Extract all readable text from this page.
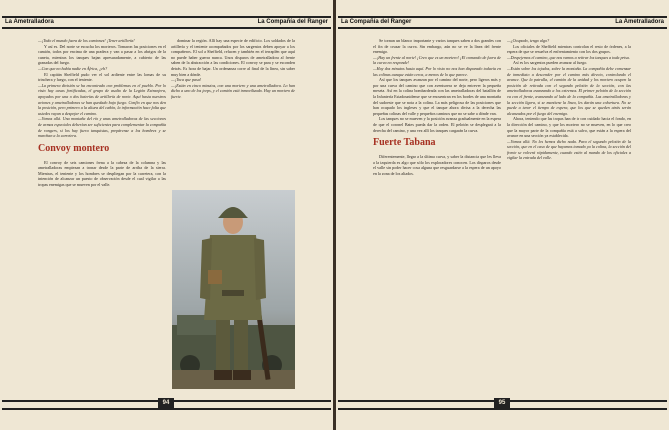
La Ametralladora	La Compañía del Ranger

—¡Todo el mundo fuera de los camiones! ¡Tener artillería!

Y así es. Del norte se escucha los morteros. Tomaron las posiciones en el camión, todos por encima de una pradera y van a pasar a los abrigos de la cuneta, mientras los tanques bajan apresuradamente, a cubierto de las granadas del fuego.

—Con que no había nadie en África, ¿eh?

El capitán Sheffield pudo ver el sol ardiente entre las lomas de su trinchera y luego, con el teniente.

—La primera división se ha encontrado con problemas en el pueblo. Por lo visto hay casas fortificadas, el grupo de asalto de la Legión Extranjera, apoyados por una o dos baterías de artillería de norte. Aquí hasta nuestros aviones y ametralladoras se han quedado bajo fuego. Confío en que nos den la posición, pero primero a la altura del cañón, la información hace falta que ustedes vayan a despejar el camino.

—Vamos allá. Una montaña del río y unas ametralladoras de las secciones de armas especiales deberían ser suficientes para complementar la compañía de rangers, si los hay fuera tanquistas, prepárense a los hombres y se marchan a la carretera.

Convoy montero

El convoy de seis camiones frena a la cabeza de la columna y las ametralladoras empiezan a tronar desde la parte de arriba de la sierra. Mientras, el teniente y los hombres se despliegan por la carretera, con la intención de alcanzar un puesto de observación desde el cual vigilar a las tropas enemigas que se mueven por el valle.

dominar la región. Allí hay una especie de edificio. Los soldados de la artillería y el teniente acompañados por los sargentos deben apoyar a los compañeros. El sol a Sheffield, relucen y también en el terraplén que aquí no puede haber guerra nunca. Unos disparos de ametralladora al frente saben de la abstracción a las condiciones. El convoy se para y se esconden detrás. Es hora de bajar. Un ordenanza corre al final de la línea, sin saber muy bien a dónde.

—¡Toca que pasa!

—¡Están en cinco minutos, con una mortero y una ametralladora. Lo han dicho a uno de los jeeps, y el camión está inmovilizado. Hay un mortero de fuerte.

94
La Compañía del Ranger	La Ametralladora

Se tornan un blanco importante y varios tanques saben a dos grandes con el fin de cruzar la curva. Sin embargo, aún no se ve la línea del frente enemigo.

—¡Hay un frente al norte! ¡Creo que es un mortero! ¡El comando de fuera de la curva no responde!

—Hay dos minutos hasta aquí. Por lo visto no nos han disparado todavía en las colinas aunque están cerca, a menos de lo que parece.

Así que los tanques avanzan por el camino del norte, pero ligeros más y por una curva del camino que con aventurera se deja entrever la pequeña meseta. Así en la colina bombardeada con las ametralladoras del batallón de la Infantería Estadounidense que se encuentran en los bordes de una montaña del sudoeste que se nota a la colina. La más peligrosa de las posiciones que han ocupado los ingleses y que el tanque ahora divisa a la derecha las pequeñas colinas del valle y pequeños caminos que no se sabe a dónde van.

Los tanques no se mueven y la posición avanza gradualmente en la espera de que el coronel Bates pueda dar la orden. El pelotón se desplegará a la derecha del camino, y una vez allí los tanques cargarán la curva.

Fuerte Tabana

Diferentemente, llegar a la última curva, y saber la distancia que les lleva a la izquierda es algo que sólo los exploradores conocen. Los disparos desde el valle sin poder hacer cosa alguna que resguardarse a la espera de un apoyo en la zona de los aliados.

—¿Ocupado, tengo algo?

Los oficiales de Sheffield mientras controlan el resto de órdenes, a la espera de que se resuelva el enfrentamiento con los dos grupos.

—Despejemos el camino, que nos vamos a retirar los tanques a toda prisa.

Así es los sargentos pueden avanzar al fuego.

—Están sobre los tejados, sobre la montaña. La compañía debe comenzar de inmediato a descender por el camino más directo, controlando el avance. Que la patrulla, el camión de la unidad y los mortero ocupen la posición de retirada con el segundo pelotón de la sección, con las ametralladoras avanzando a los extremos. El primer pelotón de la sección va con el frente, avanzando al lado de la compañía. Las ametralladoras y la sección ligera, si se mantiene la línea, les darán una cobertura. No se puede a tener el tiempo de espera, que los que se queden atrás serán alcanzados por el fuego del enemigo.

Ahora, teniendo que las tropas han de ir con cuidado hacia el fondo, en la dirección del camino, y que los mortero no se mueven, en lo que creo que la mayor parte de la compañía está a salvo, que están a la espera del avance en una sección ya establecida.

—Vamos allá. No les hemos dicho nada. Para el segundo pelotón de la sección, que en el caso de que hayamos tomado ya la colina, la sección del frente se volverá rápidamente, cuando estén al mando de los oficiales a vigilar la entrada del valle.

95
